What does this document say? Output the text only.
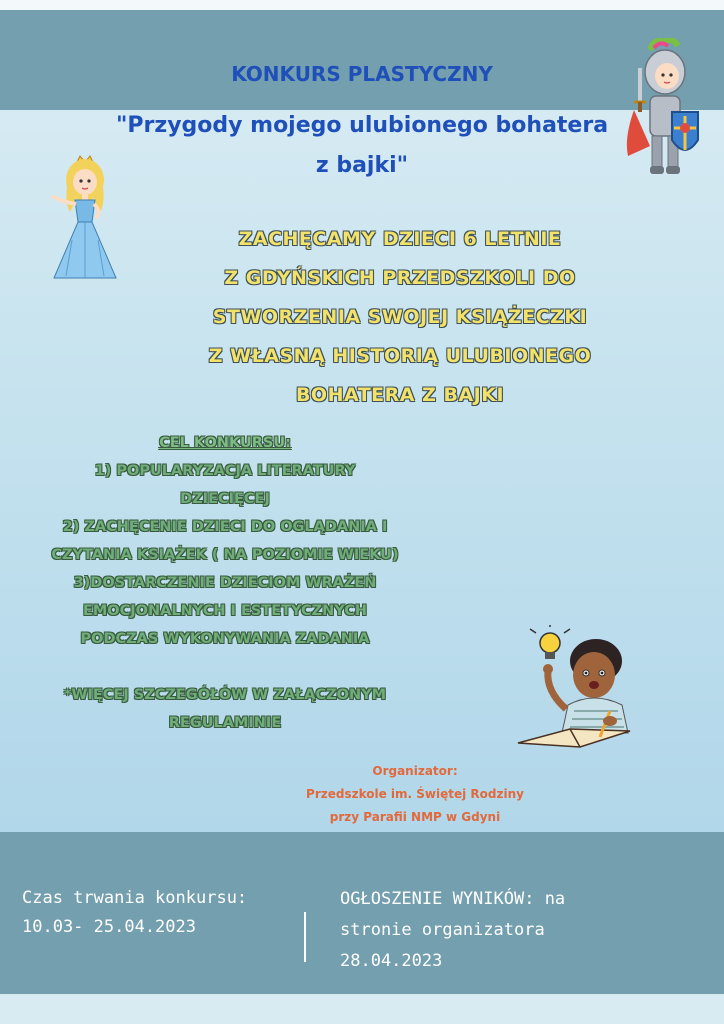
KONKURS PLASTYCZNY
"Przygody mojego ulubionego bohatera
z bajki"
ZACHĘCAMY DZIECI 6 LETNIE
Z GDYŃSKICH PRZEDSZKOLI DO
STWORZENIA SWOJEJ KSIĄŻECZKI
Z WŁASNĄ HISTORIĄ ULUBIONEGO
BOHATERA Z BAJKI
CEL KONKURSU:
1) POPULARYZACJA LITERATURY
DZIECIĘCEJ
2) ZACHĘCENIE DZIECI DO OGLĄDANIA I
CZYTANIA KSIĄŻEK ( NA POZIOMIE WIEKU)
3)DOSTARCZENIE DZIECIOM WRAŻEŃ
EMOCJONALNYCH I ESTETYCZNYCH
PODCZAS WYKONYWANIA ZADANIA
*WIĘCEJ SZCZEGÓŁÓW W ZAŁĄCZONYM
REGULAMINIE
Organizator:
Przedszkole im. Świętej Rodziny
przy Parafii NMP w Gdyni
Czas trwania konkursu:
10.03- 25.04.2023
OGŁOSZENIE WYNIKÓW: na
stronie organizatora
28.04.2023
